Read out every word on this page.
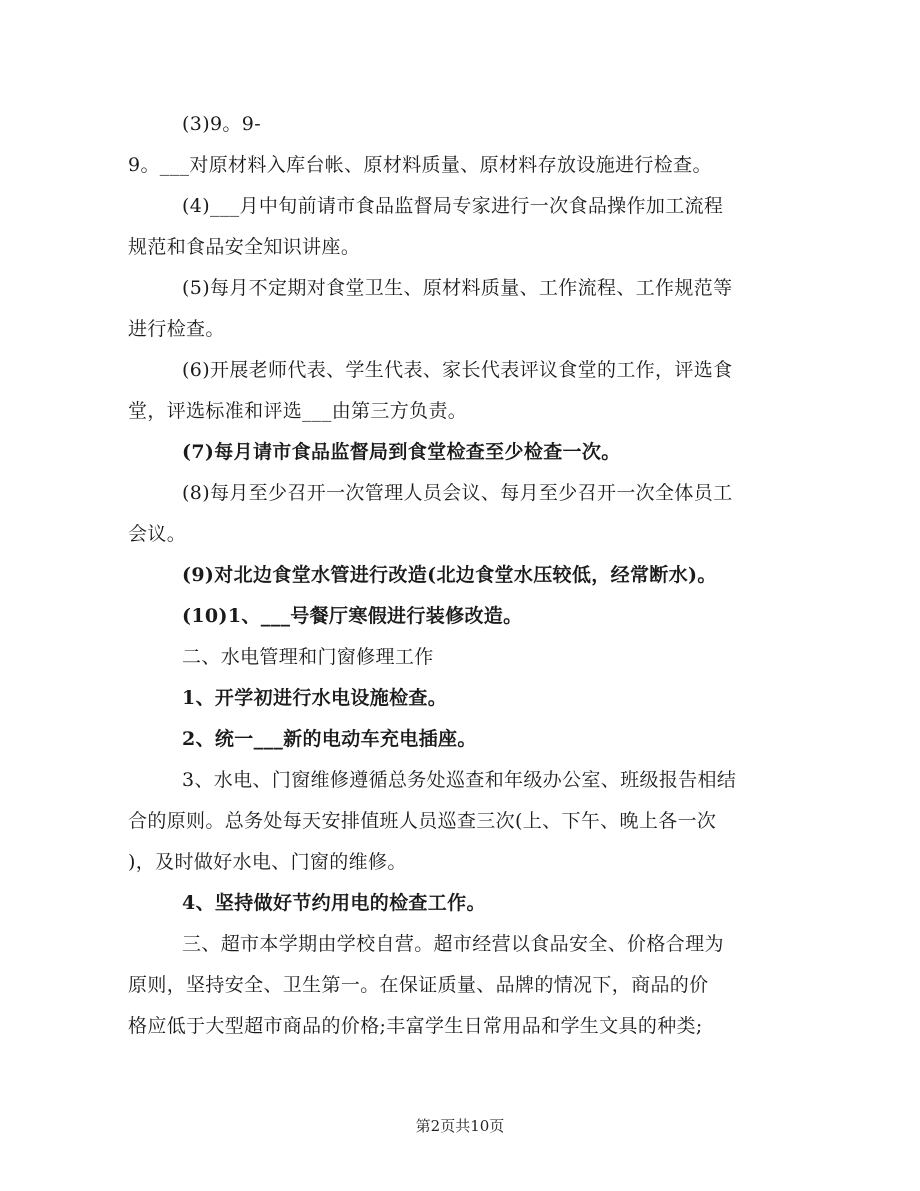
(3)9。9-
9。___对原材料入库台帐、原材料质量、原材料存放设施进行检查。
(4)___月中旬前请市食品监督局专家进行一次食品操作加工流程
规范和食品安全知识讲座。
(5)每月不定期对食堂卫生、原材料质量、工作流程、工作规范等
进行检查。
(6)开展老师代表、学生代表、家长代表评议食堂的工作，评选食
堂，评选标准和评选___由第三方负责。
(7)每月请市食品监督局到食堂检查至少检查一次。
(8)每月至少召开一次管理人员会议、每月至少召开一次全体员工
会议。
(9)对北边食堂水管进行改造(北边食堂水压较低，经常断水)。
(10)1、___号餐厅寒假进行装修改造。
二、水电管理和门窗修理工作
1、开学初进行水电设施检查。
2、统一___新的电动车充电插座。
3、水电、门窗维修遵循总务处巡查和年级办公室、班级报告相结
合的原则。总务处每天安排值班人员巡查三次(上、下午、晚上各一次
)，及时做好水电、门窗的维修。
4、坚持做好节约用电的检查工作。
三、超市本学期由学校自营。超市经营以食品安全、价格合理为
原则，坚持安全、卫生第一。在保证质量、品牌的情况下，商品的价
格应低于大型超市商品的价格;丰富学生日常用品和学生文具的种类;
第2页共10页
